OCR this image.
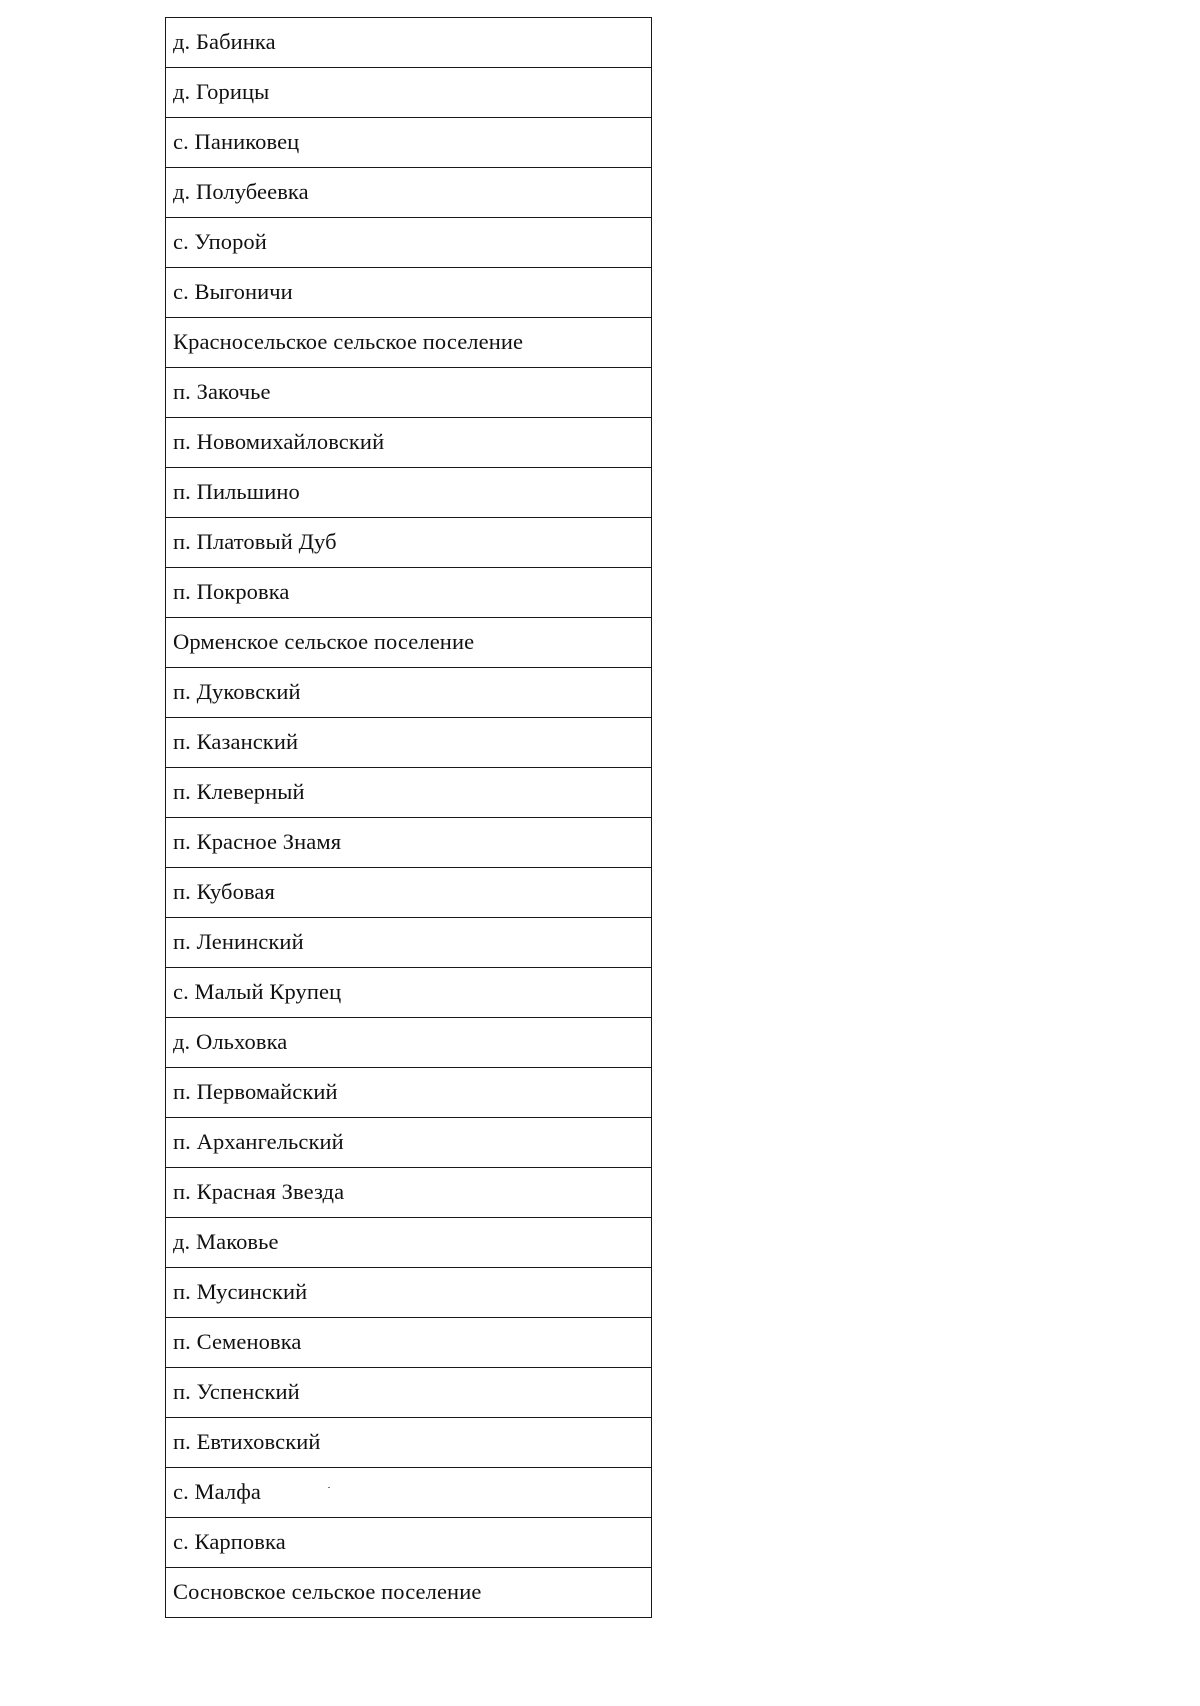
д. Бабинка
д. Горицы
с. Паниковец
д. Полубеевка
с. Упорой
с. Выгоничи
Красносельское сельское поселение
п. Закочье
п. Новомихайловский
п. Пильшино
п. Платовый Дуб
п. Покровка
Орменское сельское поселение
п. Дуковский
п. Казанский
п. Клеверный
п. Красное Знамя
п. Кубовая
п. Ленинский
с. Малый Крупец
д. Ольховка
п. Первомайский
п. Архангельский
п. Красная Звезда
д. Маковье
п. Мусинский
п. Семеновка
п. Успенский
п. Евтиховский
с. Малфа
с. Карповка
Сосновское сельское поселение
